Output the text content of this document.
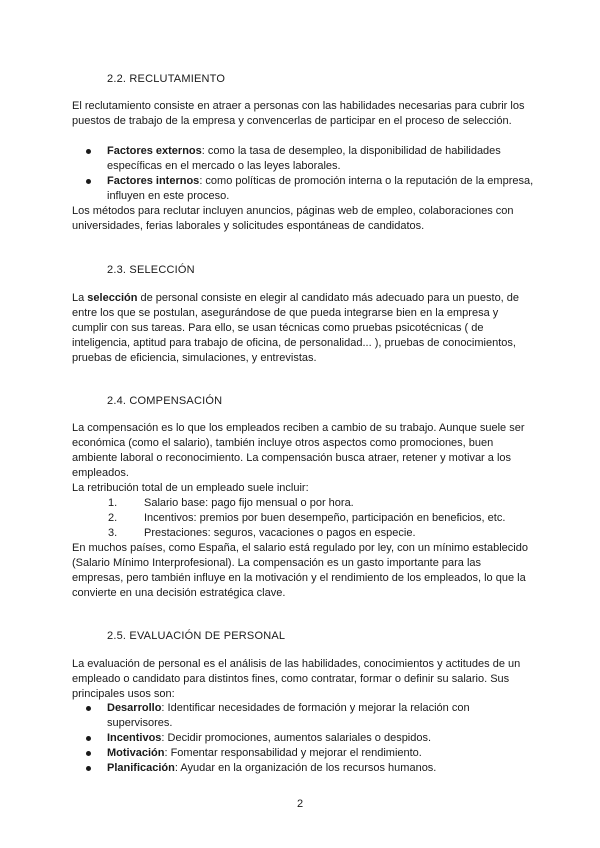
2.2. RECLUTAMIENTO

El reclutamiento consiste en atraer a personas con las habilidades necesarias para cubrir los puestos de trabajo de la empresa y convencerlas de participar en el proceso de selección.

Factores externos: como la tasa de desempleo, la disponibilidad de habilidades específicas en el mercado o las leyes laborales.
Factores internos: como políticas de promoción interna o la reputación de la empresa, influyen en este proceso.

Los métodos para reclutar incluyen anuncios, páginas web de empleo, colaboraciones con universidades, ferias laborales y solicitudes espontáneas de candidatos.

2.3. SELECCIÓN

La selección de personal consiste en elegir al candidato más adecuado para un puesto, de entre los que se postulan, asegurándose de que pueda integrarse bien en la empresa y cumplir con sus tareas. Para ello, se usan técnicas como pruebas psicotécnicas ( de inteligencia, aptitud para trabajo de oficina, de personalidad... ), pruebas de conocimientos, pruebas de eficiencia, simulaciones, y entrevistas.

2.4. COMPENSACIÓN

La compensación es lo que los empleados reciben a cambio de su trabajo. Aunque suele ser económica (como el salario), también incluye otros aspectos como promociones, buen ambiente laboral o reconocimiento. La compensación busca atraer, retener y motivar a los empleados.

La retribución total de un empleado suele incluir:

1. Salario base: pago fijo mensual o por hora.
2. Incentivos: premios por buen desempeño, participación en beneficios, etc.
3. Prestaciones: seguros, vacaciones o pagos en especie.

En muchos países, como España, el salario está regulado por ley, con un mínimo establecido (Salario Mínimo Interprofesional). La compensación es un gasto importante para las empresas, pero también influye en la motivación y el rendimiento de los empleados, lo que la convierte en una decisión estratégica clave.

2.5. EVALUACIÓN DE PERSONAL

La evaluación de personal es el análisis de las habilidades, conocimientos y actitudes de un empleado o candidato para distintos fines, como contratar, formar o definir su salario. Sus principales usos son:

Desarrollo: Identificar necesidades de formación y mejorar la relación con supervisores.
Incentivos: Decidir promociones, aumentos salariales o despidos.
Motivación: Fomentar responsabilidad y mejorar el rendimiento.
Planificación: Ayudar en la organización de los recursos humanos.
2
